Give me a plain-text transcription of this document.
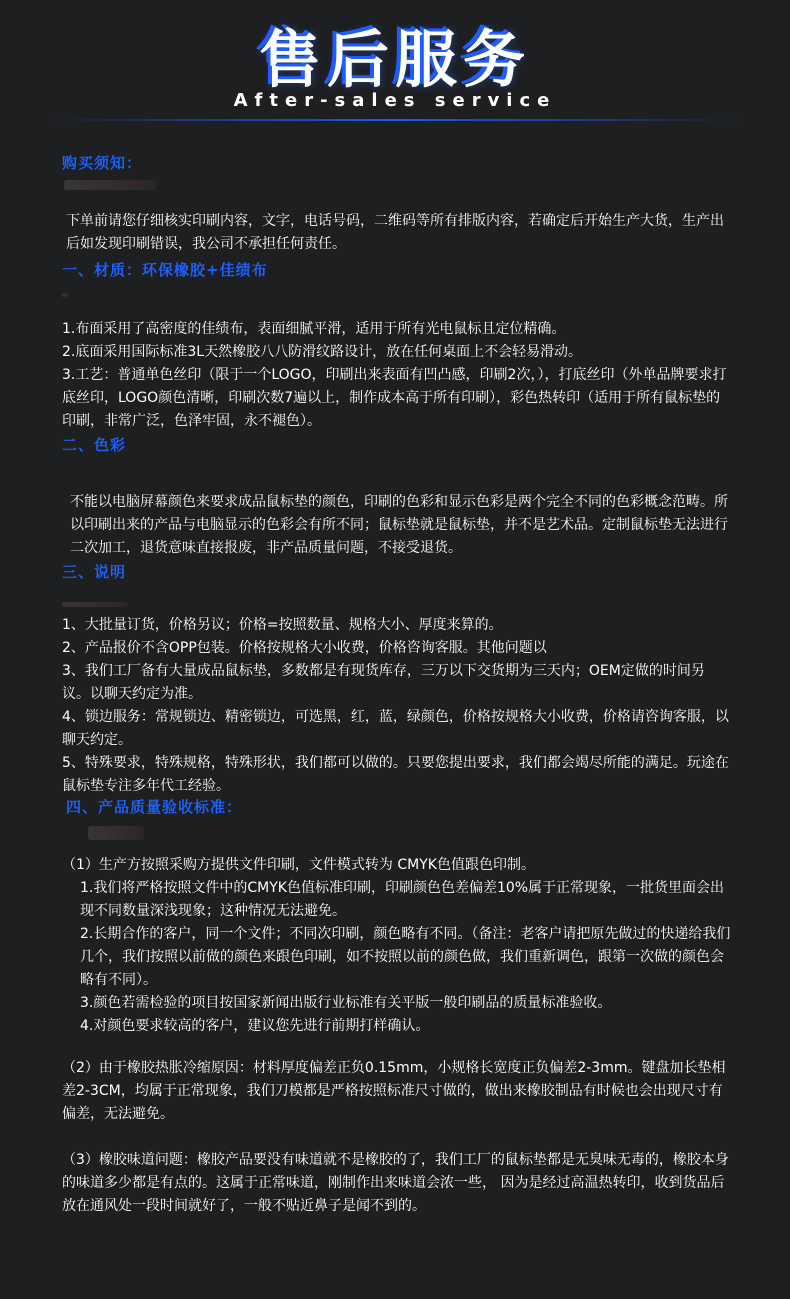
售后服务
After-sales service
购买须知：

下单前请您仔细核实印刷内容，文字，电话号码，二维码等所有排版内容，若确定后开始生产大货，生产出后如发现印刷错误，我公司不承担任何责任。

一、材质：环保橡胶+佳绩布

1.布面采用了高密度的佳绩布，表面细腻平滑，适用于所有光电鼠标且定位精确。

2.底面采用国际标准3L天然橡胶八八防滑纹路设计，放在任何桌面上不会轻易滑动。

3.工艺：普通单色丝印（限于一个LOGO，印刷出来表面有凹凸感，印刷2次，），打底丝印（外单品牌要求打底丝印，LOGO颜色清晰，印刷次数7遍以上，制作成本高于所有印刷），彩色热转印（适用于所有鼠标垫的印刷，非常广泛，色泽牢固，永不褪色）。

二、色彩

不能以电脑屏幕颜色来要求成品鼠标垫的颜色，印刷的色彩和显示色彩是两个完全不同的色彩概念范畴。所以印刷出来的产品与电脑显示的色彩会有所不同；鼠标垫就是鼠标垫，并不是艺术品。定制鼠标垫无法进行二次加工，退货意味直接报废，非产品质量问题，不接受退货。

三、说明

1、大批量订货，价格另议；价格=按照数量、规格大小、厚度来算的。

2、产品报价不含OPP包装。价格按规格大小收费，价格咨询客服。其他问题以

3、我们工厂备有大量成品鼠标垫，多数都是有现货库存，三万以下交货期为三天内；OEM定做的时间另议。以聊天约定为准。

4、锁边服务：常规锁边、精密锁边，可选黑，红，蓝，绿颜色，价格按规格大小收费，价格请咨询客服，以聊天约定。

5、特殊要求，特殊规格，特殊形状，我们都可以做的。只要您提出要求，我们都会竭尽所能的满足。玩途在鼠标垫专注多年代工经验。

四、产品质量验收标准：

（1）生产方按照采购方提供文件印刷，文件模式转为 CMYK色值跟色印制。

1.我们将严格按照文件中的CMYK色值标准印刷，印刷颜色色差偏差10%属于正常现象，一批货里面会出现不同数量深浅现象；这种情况无法避免。

2.长期合作的客户，同一个文件；不同次印刷，颜色略有不同。（备注：老客户请把原先做过的快递给我们几个，我们按照以前做的颜色来跟色印刷，如不按照以前的颜色做，我们重新调色，跟第一次做的颜色会略有不同）。

3.颜色若需检验的项目按国家新闻出版行业标准有关平版一般印刷品的质量标准验收。

4.对颜色要求较高的客户，建议您先进行前期打样确认。

（2）由于橡胶热胀冷缩原因：材料厚度偏差正负0.15mm，小规格长宽度正负偏差2-3mm。键盘加长垫相差2-3CM，均属于正常现象，我们刀模都是严格按照标准尺寸做的，做出来橡胶制品有时候也会出现尺寸有偏差，无法避免。

（3）橡胶味道问题：橡胶产品要没有味道就不是橡胶的了，我们工厂的鼠标垫都是无臭味无毒的，橡胶本身的味道多少都是有点的。这属于正常味道，刚制作出来味道会浓一些， 因为是经过高温热转印，收到货品后放在通风处一段时间就好了，一般不贴近鼻子是闻不到的。
